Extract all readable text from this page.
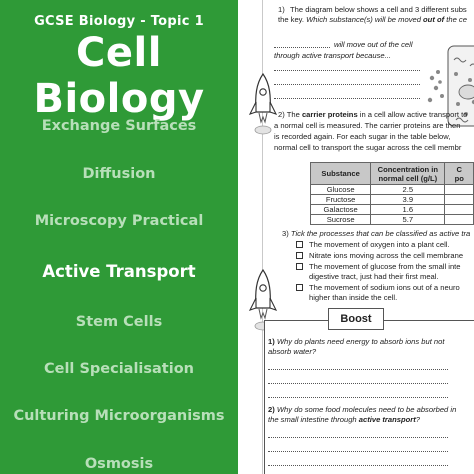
GCSE Biology - Topic 1
Cell Biology
Exchange Surfaces
Diffusion
Microscopy Practical
Active Transport
Stem Cells
Cell Specialisation
Culturing Microorganisms
Osmosis
1) The diagram below shows a cell and 3 different subs
the key. Which substance(s) will be moved out of the ce
will move out of the cell
through active transport because...
2) The carrier proteins in a cell allow active transport to
a normal cell is measured. The carrier proteins are then
is recorded again. For each sugar in the table below,
normal cell to transport the sugar across the cell membr
Substance	Concentration in normal cell (g/L)	C
po
Glucose	2.5	
Fructose	3.9	
Galactose	1.6	
Sucrose	5.7	
3) Tick the processes that can be classified as active tra
The movement of oxygen into a plant cell.
Nitrate ions moving across the cell membrane
The movement of glucose from the small inte
digestive tract, just had their first meal.
The movement of sodium ions out of a neuro
higher than inside the cell.
Boost
1) Why do plants need energy to absorb ions but not
absorb water?
2) Why do some food molecules need to be absorbed in
the small intestine through active transport?
